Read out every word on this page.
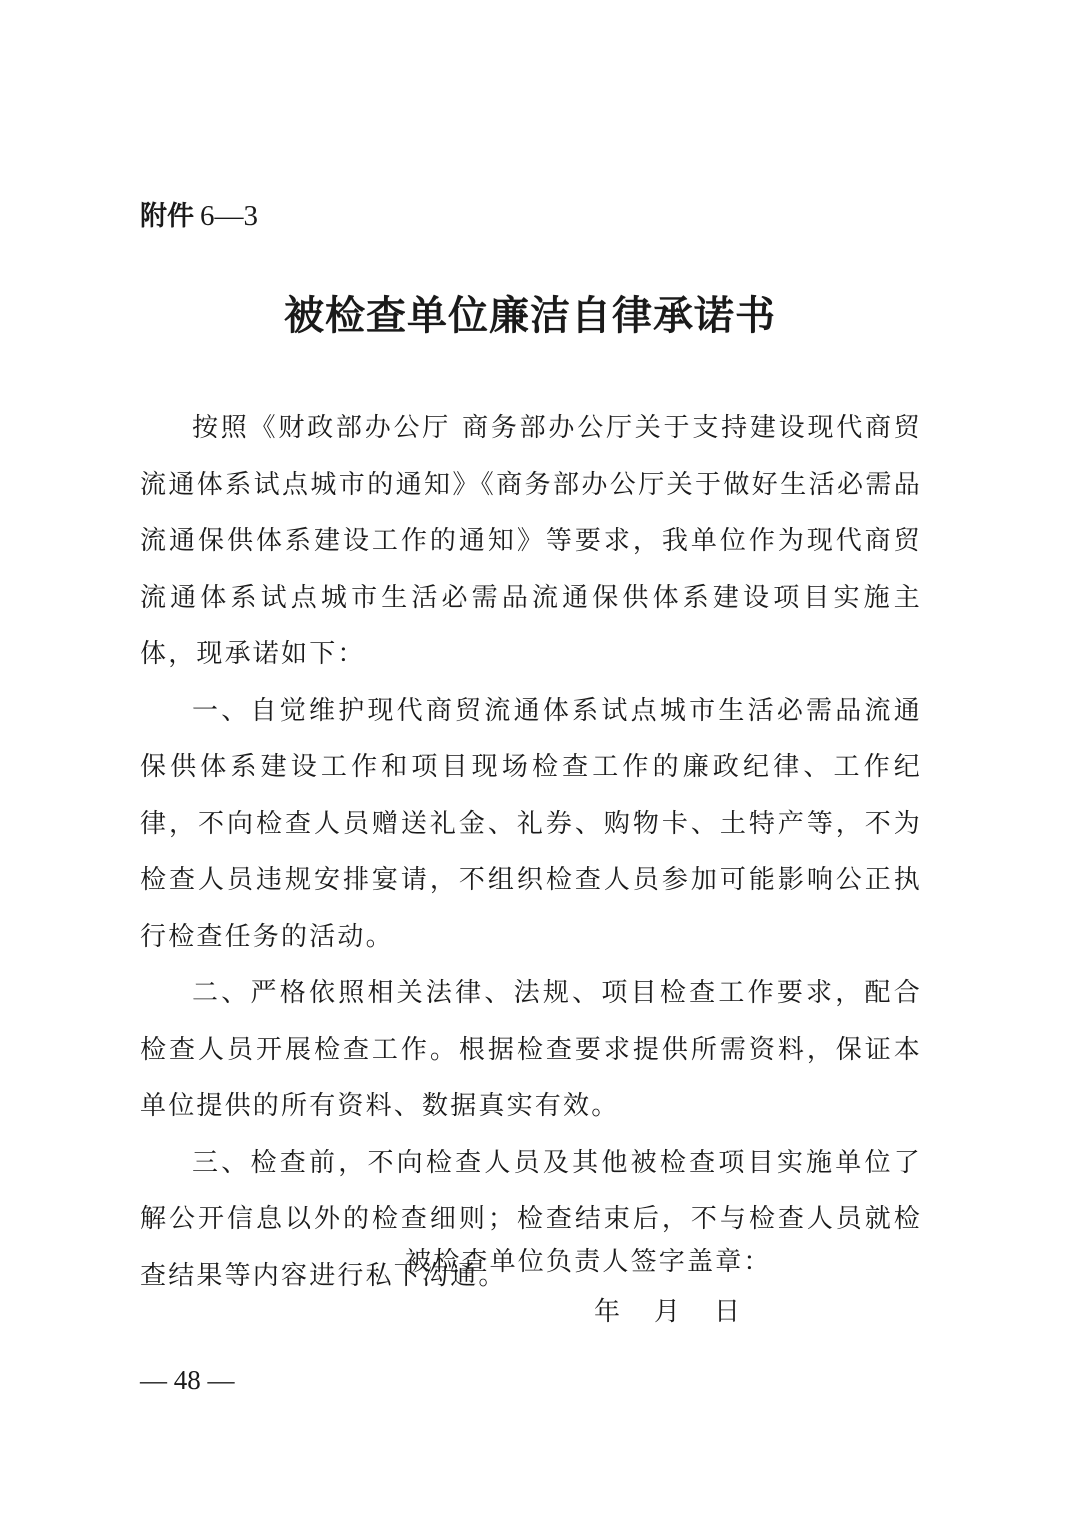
附件 6—3
被检查单位廉洁自律承诺书

按照《财政部办公厅 商务部办公厅关于支持建设现代商贸流通体系试点城市的通知》《商务部办公厅关于做好生活必需品流通保供体系建设工作的通知》等要求，我单位作为现代商贸流通体系试点城市生活必需品流通保供体系建设项目实施主体，现承诺如下：

一、自觉维护现代商贸流通体系试点城市生活必需品流通保供体系建设工作和项目现场检查工作的廉政纪律、工作纪律，不向检查人员赠送礼金、礼券、购物卡、土特产等，不为检查人员违规安排宴请，不组织检查人员参加可能影响公正执行检查任务的活动。

二、严格依照相关法律、法规、项目检查工作要求，配合检查人员开展检查工作。根据检查要求提供所需资料，保证本单位提供的所有资料、数据真实有效。

三、检查前，不向检查人员及其他被检查项目实施单位了解公开信息以外的检查细则；检查结束后，不与检查人员就检查结果等内容进行私下沟通。

被检查单位负责人签字盖章：
年 月 日
— 48 —
